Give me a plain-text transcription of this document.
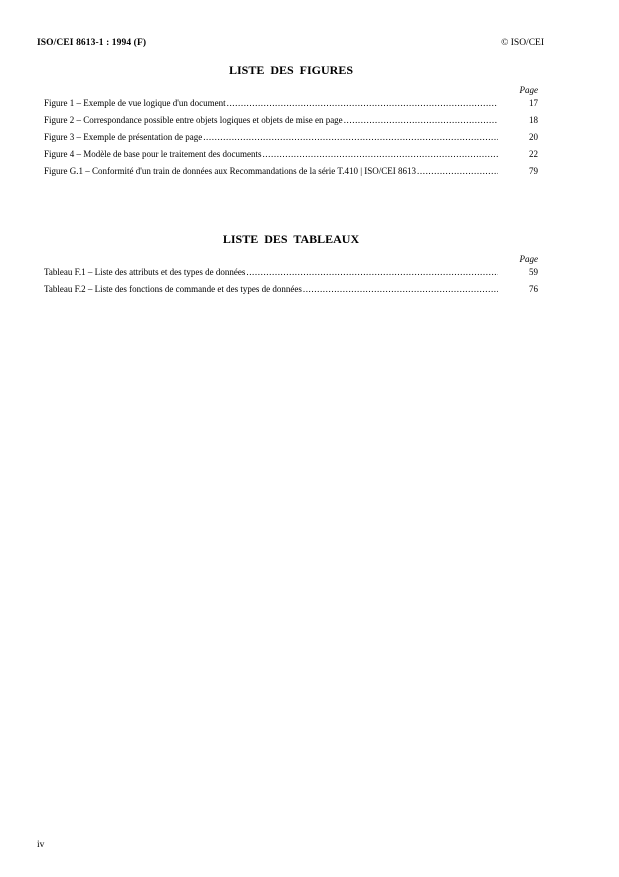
ISO/CEI 8613-1 : 1994 (F)	© ISO/CEI
LISTE DES FIGURES
Page
Figure 1 – Exemple de vue logique d'un document .....	17
Figure 2 – Correspondance possible entre objets logiques et objets de mise en page .....	18
Figure 3 – Exemple de présentation de page .....	20
Figure 4 – Modèle de base pour le traitement des documents .....	22
Figure G.1 – Conformité d'un train de données aux Recommandations de la série T.410 | ISO/CEI 8613 .....	79
LISTE DES TABLEAUX
Page
Tableau F.1 – Liste des attributs et des types de données .....	59
Tableau F.2 – Liste des fonctions de commande et des types de données .....	76
iv
